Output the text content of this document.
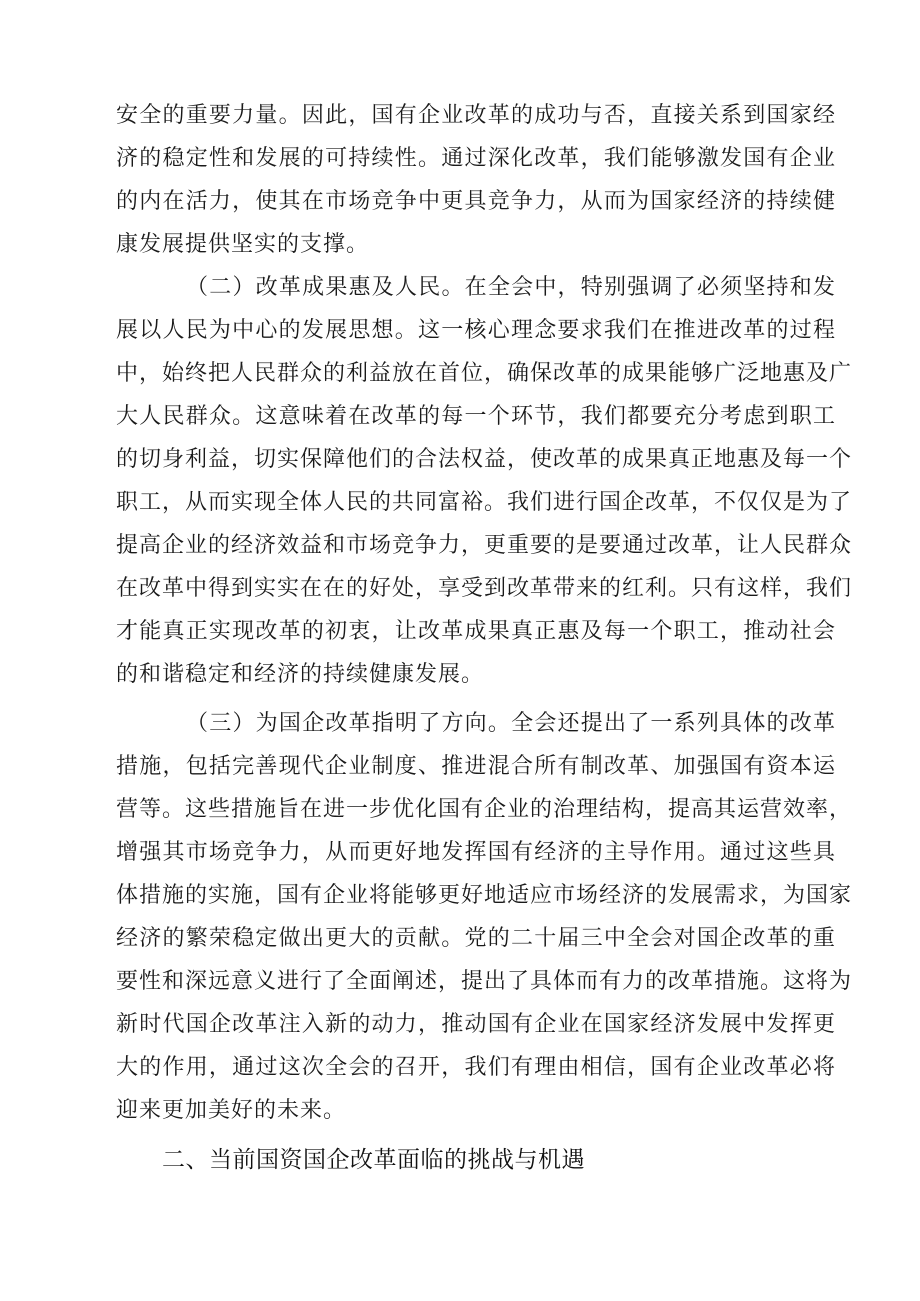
安全的重要力量。因此，国有企业改革的成功与否，直接关系到国家经
济的稳定性和发展的可持续性。通过深化改革，我们能够激发国有企业
的内在活力，使其在市场竞争中更具竞争力，从而为国家经济的持续健
康发展提供坚实的支撑。
（二）改革成果惠及人民。在全会中，特别强调了必须坚持和发
展以人民为中心的发展思想。这一核心理念要求我们在推进改革的过程
中，始终把人民群众的利益放在首位，确保改革的成果能够广泛地惠及广
大人民群众。这意味着在改革的每一个环节，我们都要充分考虑到职工
的切身利益，切实保障他们的合法权益，使改革的成果真正地惠及每一个
职工，从而实现全体人民的共同富裕。我们进行国企改革，不仅仅是为了
提高企业的经济效益和市场竞争力，更重要的是要通过改革，让人民群众
在改革中得到实实在在的好处，享受到改革带来的红利。只有这样，我们
才能真正实现改革的初衷，让改革成果真正惠及每一个职工，推动社会
的和谐稳定和经济的持续健康发展。
（三）为国企改革指明了方向。全会还提出了一系列具体的改革
措施，包括完善现代企业制度、推进混合所有制改革、加强国有资本运
营等。这些措施旨在进一步优化国有企业的治理结构，提高其运营效率，
增强其市场竞争力，从而更好地发挥国有经济的主导作用。通过这些具
体措施的实施，国有企业将能够更好地适应市场经济的发展需求，为国家
经济的繁荣稳定做出更大的贡献。党的二十届三中全会对国企改革的重
要性和深远意义进行了全面阐述，提出了具体而有力的改革措施。这将为
新时代国企改革注入新的动力，推动国有企业在国家经济发展中发挥更
大的作用，通过这次全会的召开，我们有理由相信，国有企业改革必将
迎来更加美好的未来。
二、当前国资国企改革面临的挑战与机遇
